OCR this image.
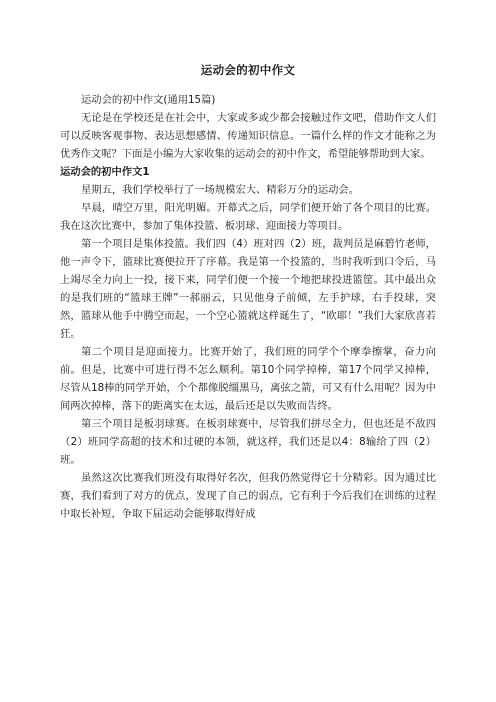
运动会的初中作文

运动会的初中作文(通用15篇)

无论是在学校还是在社会中，大家或多或少都会接触过作文吧，借助作文人们可以反映客观事物、表达思想感情、传递知识信息。一篇什么样的作文才能称之为优秀作文呢？下面是小编为大家收集的运动会的初中作文，希望能够帮助到大家。

运动会的初中作文1

星期五，我们学校举行了一场规模宏大、精彩万分的运动会。

早晨，晴空万里，阳光明媚。开幕式之后，同学们便开始了各个项目的比赛。我在这次比赛中，参加了集体投篮、板羽球、迎面接力等项目。

第一个项目是集体投篮。我们四（4）班对四（2）班，裁判员是麻碧竹老师，他一声令下，篮球比赛便拉开了序幕。我是第一个投篮的，当时我听到口令后，马上竭尽全力向上一投，接下来，同学们便一个接一个地把球投进篮筐。其中最出众的是我们班的“篮球王牌”一郝丽云，只见他身子前倾，左手护球，右手投球，突然，篮球从他手中腾空而起，一个空心篮就这样诞生了，“欧耶！”我们大家欣喜若狂。

第二个项目是迎面接力。比赛开始了，我们班的同学个个摩拳擦掌，奋力向前。但是，比赛中可进行得不怎么顺利。第10个同学掉棒，第17个同学又掉棒，尽管从18棒的同学开始，个个都像脱缰黑马，离弦之箭，可又有什么用呢？因为中间两次掉棒，落下的距离实在太远，最后还是以失败而告终。

第三个项目是板羽球赛。在板羽球赛中，尽管我们拼尽全力，但也还是不敌四（2）班同学高超的技术和过硬的本领，就这样，我们还是以4：8输给了四（2）班。

虽然这次比赛我们班没有取得好名次，但我仍然觉得它十分精彩。因为通过比赛，我们看到了对方的优点，发现了自己的弱点，它有利于今后我们在训练的过程中取长补短，争取下届运动会能够取得好成
